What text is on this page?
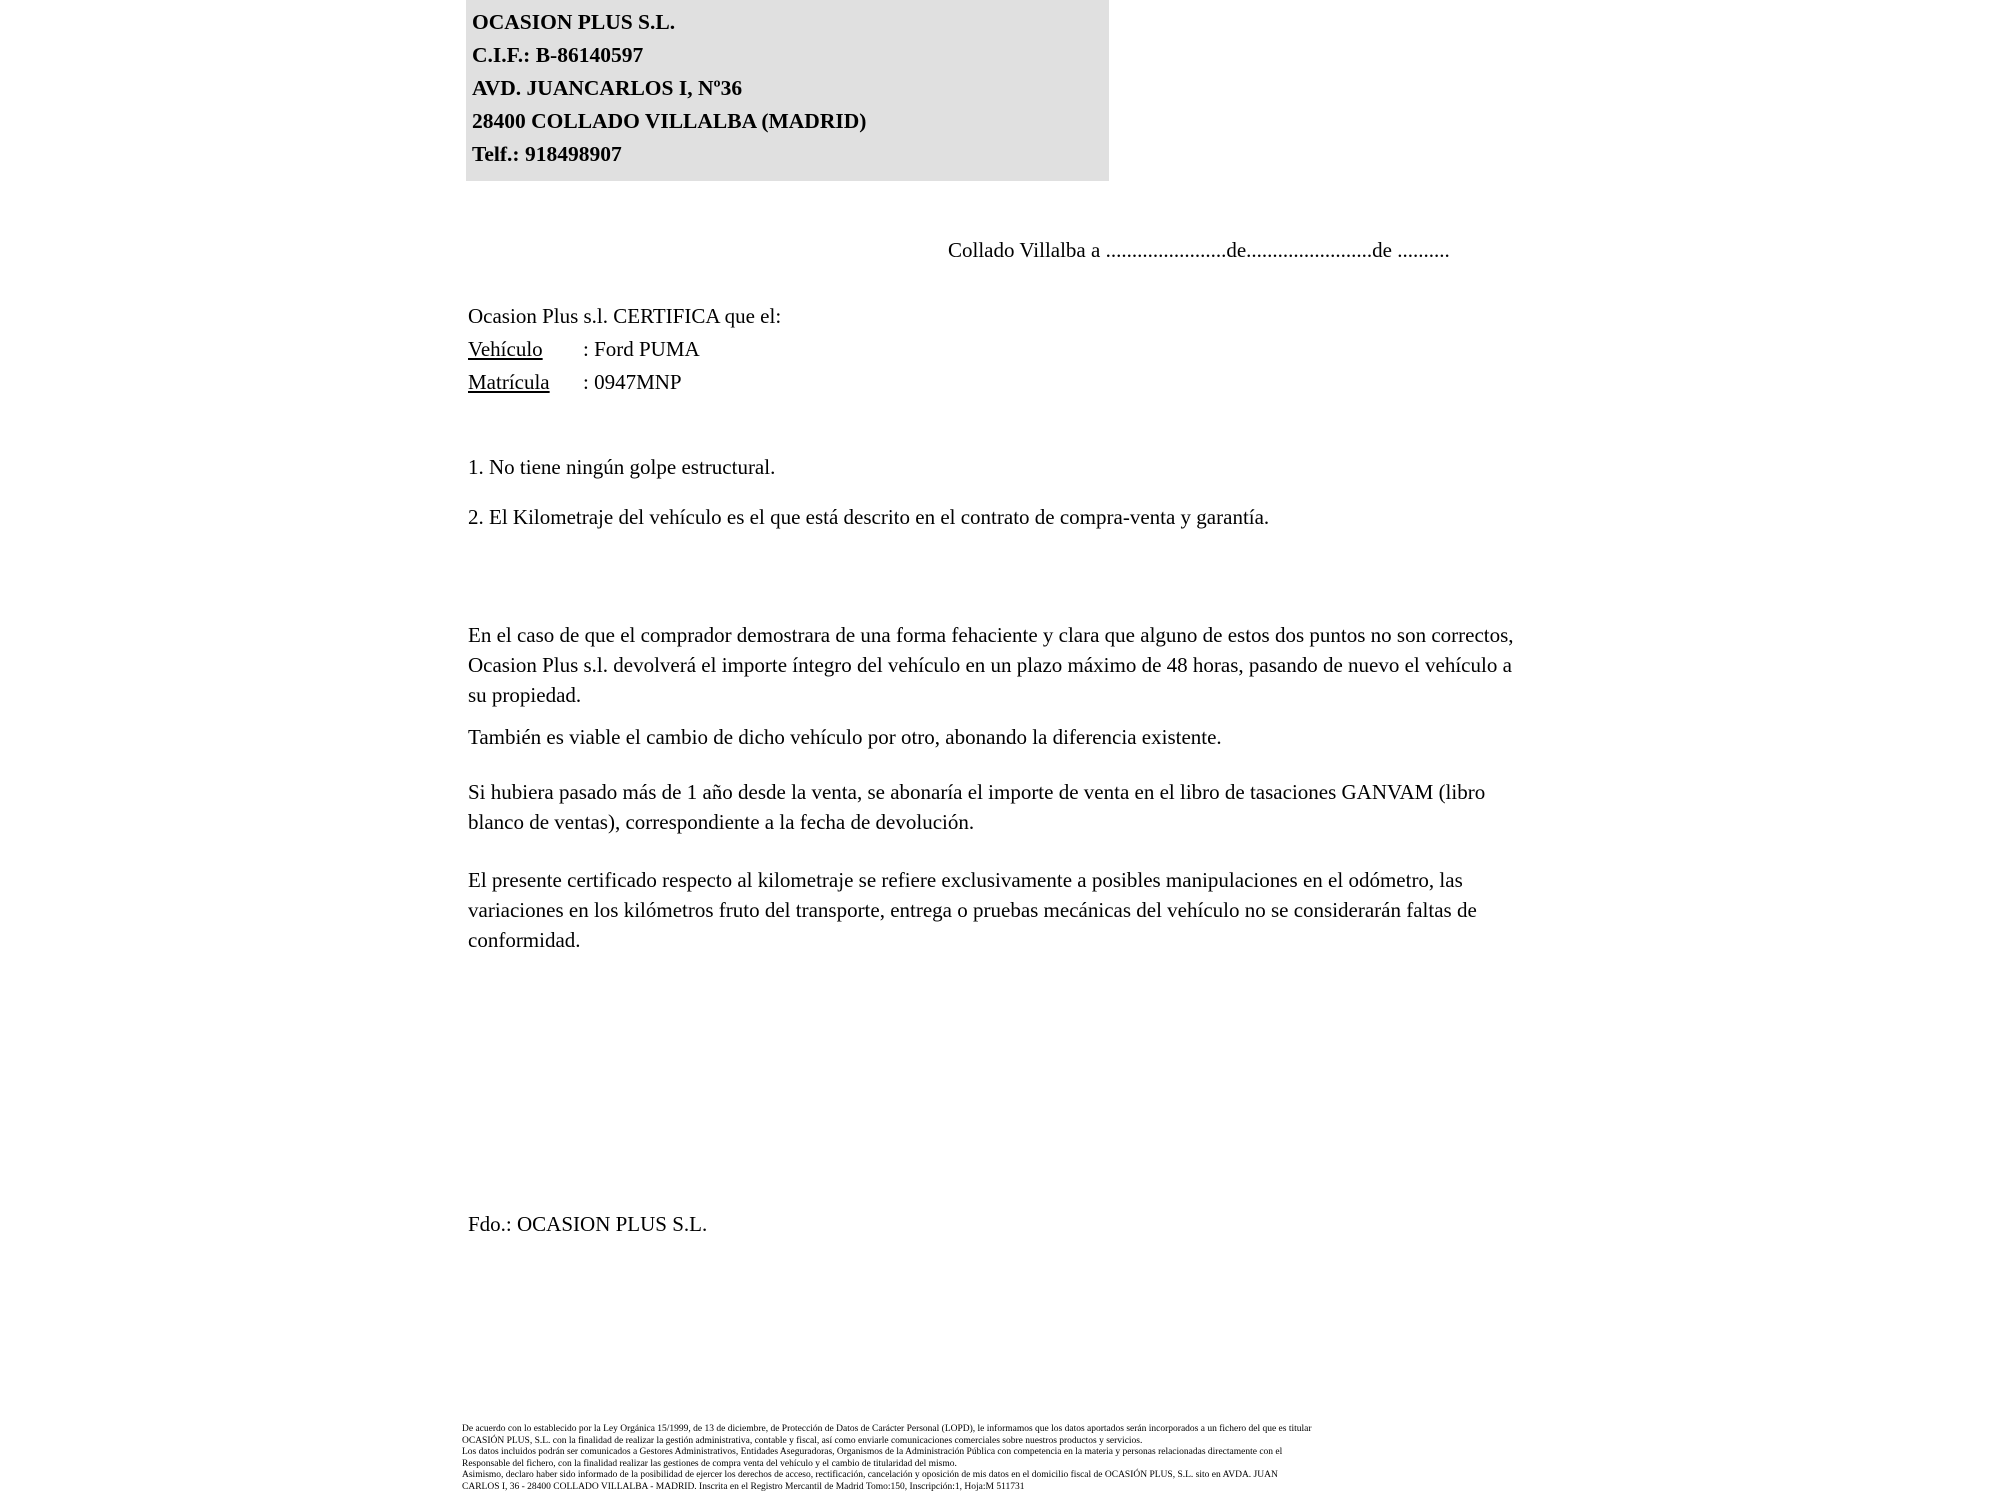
OCASION PLUS S.L.
C.I.F.: B-86140597
AVD. JUANCARLOS I, Nº36
28400 COLLADO VILLALBA (MADRID)
Telf.: 918498907
Collado Villalba a .......................de........................de ..........
Ocasion Plus s.l. CERTIFICA que el:
Vehículo : Ford PUMA
Matrícula : 0947MNP
1. No tiene ningún golpe estructural.
2. El Kilometraje del vehículo es el que está descrito en el contrato de compra-venta y garantía.
En el caso de que el comprador demostrara de una forma fehaciente y clara que alguno de estos dos puntos no son correctos, Ocasion Plus s.l. devolverá el importe íntegro del vehículo en un plazo máximo de 48 horas, pasando de nuevo el vehículo a su propiedad.
También es viable el cambio de dicho vehículo por otro, abonando la diferencia existente.
Si hubiera pasado más de 1 año desde la venta, se abonaría el importe de venta en el libro de tasaciones GANVAM (libro blanco de ventas), correspondiente a la fecha de devolución.
El presente certificado respecto al kilometraje se refiere exclusivamente a posibles manipulaciones en el odómetro, las variaciones en los kilómetros fruto del transporte, entrega o pruebas mecánicas del vehículo no se considerarán faltas de conformidad.
Fdo.: OCASION PLUS S.L.

De acuerdo con lo establecido por la Ley Orgánica 15/1999, de 13 de diciembre, de Protección de Datos de Carácter Personal (LOPD), le informamos que los datos aportados serán incorporados a un fichero del que es titular

OCASIÓN PLUS, S.L. con la finalidad de realizar la gestión administrativa, contable y fiscal, así como enviarle comunicaciones comerciales sobre nuestros productos y servicios.

Los datos incluidos podrán ser comunicados a Gestores Administrativos, Entidades Aseguradoras, Organismos de la Administración Pública con competencia en la materia y personas relacionadas directamente con el

Responsable del fichero, con la finalidad realizar las gestiones de compra venta del vehículo y el cambio de titularidad del mismo.

Asimismo, declaro haber sido informado de la posibilidad de ejercer los derechos de acceso, rectificación, cancelación y oposición de mis datos en el domicilio fiscal de OCASIÓN PLUS, S.L. sito en AVDA. JUAN

CARLOS I, 36 - 28400 COLLADO VILLALBA - MADRID. Inscrita en el Registro Mercantil de Madrid Tomo:150, Inscripción:1, Hoja:M 511731
